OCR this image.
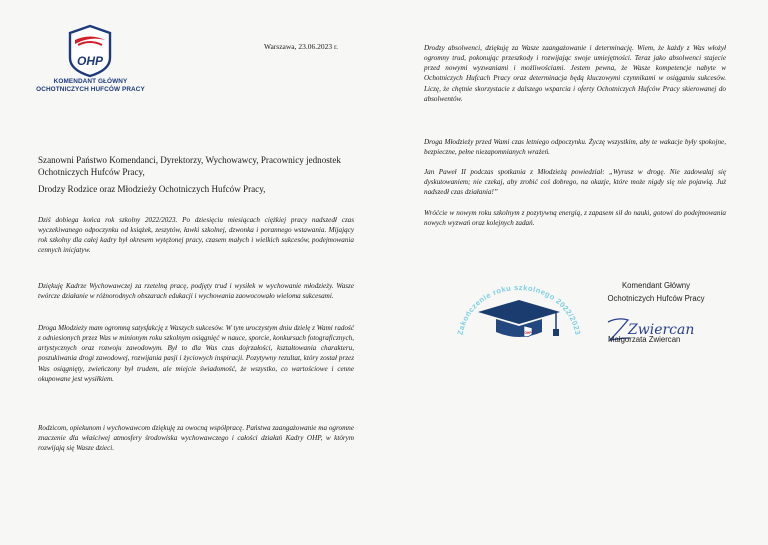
OHP
KOMENDANT GŁÓWNY OCHOTNICZYCH HUFCÓW PRACY
Warszawa, 23.06.2023 r.
Szanowni Państwo Komendanci, Dyrektorzy, Wychowawcy, Pracownicy jednostek Ochotniczych Hufców Pracy,
Drodzy Rodzice oraz Młodzieży Ochotniczych Hufców Pracy,

Dziś dobiega końca rok szkolny 2022/2023. Po dziesięciu miesiącach ciężkiej pracy nadszedł czas wyczekiwanego odpoczynku od książek, zeszytów, ławki szkolnej, dzwonka i porannego wstawania. Mijający rok szkolny dla całej kadry był okresem wytężonej pracy, czasem małych i wielkich sukcesów, podejmowania cennych inicjatyw.

Dziękuję Kadrze Wychowawczej za rzetelną pracę, podjęty trud i wysiłek w wychowanie młodzieży. Wasze twórcze działanie w różnorodnych obszarach edukacji i wychowania zaowocowało wieloma sukcesami.

Droga Młodzieży mam ogromną satysfakcję z Waszych sukcesów. W tym uroczystym dniu dzielę z Wami radość z odniesionych przez Was w minionym roku szkolnym osiągnięć w nauce, sporcie, konkursach fotograficznych, artystycznych oraz rozwoju zawodowym. Był to dla Was czas dojrzałości, kształtowania charakteru, poszukiwania drogi zawodowej, rozwijania pasji i życiowych inspiracji. Pozytywny rezultat, który został przez Was osiągnięty, zwieńczony był trudem, ale miejcie świadomość, że wszystko, co wartościowe i cenne okupowane jest wysiłkiem.

Rodzicom, opiekunom i wychowawcom dziękuję za owocną współpracę. Państwa zaangażowanie ma ogromne znaczenie dla właściwej atmosfery środowiska wychowawczego i całości działań Kadry OHP, w którym rozwijają się Wasze dzieci.

Drodzy absolwenci, dziękuję za Wasze zaangażowanie i determinację. Wiem, że każdy z Was włożył ogromny trud, pokonując przeszkody i rozwijając swoje umiejętności. Teraz jako absolwenci stajecie przed nowymi wyzwaniami i możliwościami. Jestem pewna, że Wasze kompetencje nabyte w Ochotniczych Hufcach Pracy oraz determinacja będą kluczowymi czynnikami w osiąganiu sukcesów. Liczę, że chętnie skorzystacie z dalszego wsparcia i oferty Ochotniczych Hufców Pracy skierowanej do absolwentów.

Droga Młodzieży przed Wami czas letniego odpoczynku. Życzę wszystkim, aby te wakacje były spokojne, bezpieczne, pełne niezapomnianych wrażeń.

Jan Paweł II podczas spotkania z Młodzieżą powiedział: „Wyrusz w drogę. Nie zadowalaj się dyskutowaniem; nie czekaj, aby zrobić coś dobrego, na okazje, które może nigdy się nie pojawią. Już nadszedł czas działania!”

Wróćcie w nowym roku szkolnym z pozytywną energią, z zapasem sił do nauki, gotowi do podejmowania nowych wyzwań oraz kolejnych zadań.

Zakończenie roku szkolnego 2022/2023
OHP
Komendant Główny
Ochotniczych Hufców Pracy
Zwiercan
Małgorzata Zwiercan
